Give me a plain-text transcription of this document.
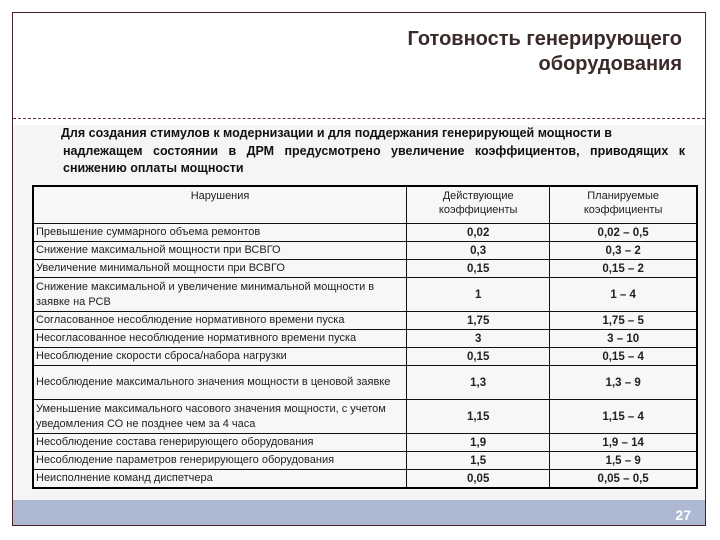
Готовность генерирующего
оборудования
Для создания стимулов к модернизации и для поддержания генерирующей мощности в
надлежащем состоянии в ДРМ предусмотрено увеличение коэффициентов, приводящих к снижению оплаты мощности
Нарушения	Действующие коэффициенты	Планируемые коэффициенты
Превышение суммарного объема ремонтов	0,02	0,02 – 0,5
Снижение максимальной мощности при ВСВГО	0,3	0,3 – 2
Увеличение минимальной мощности при ВСВГО	0,15	0,15 – 2
Снижение максимальной и увеличение минимальной мощности в заявке на РСВ	1	1 – 4
Согласованное несоблюдение нормативного времени пуска	1,75	1,75 – 5
Несогласованное несоблюдение нормативного времени пуска	3	3 – 10
Несоблюдение скорости сброса/набора нагрузки	0,15	0,15 – 4
Несоблюдение максимального значения мощности в ценовой заявке	1,3	1,3 – 9
Уменьшение максимального часового значения мощности, с учетом уведомления СО не позднее чем за 4 часа	1,15	1,15 – 4
Несоблюдение состава генерирующего оборудования	1,9	1,9 – 14
Несоблюдение параметров генерирующего оборудования	1,5	1,5 – 9
Неисполнение команд диспетчера	0,05	0,05 – 0,5
27
